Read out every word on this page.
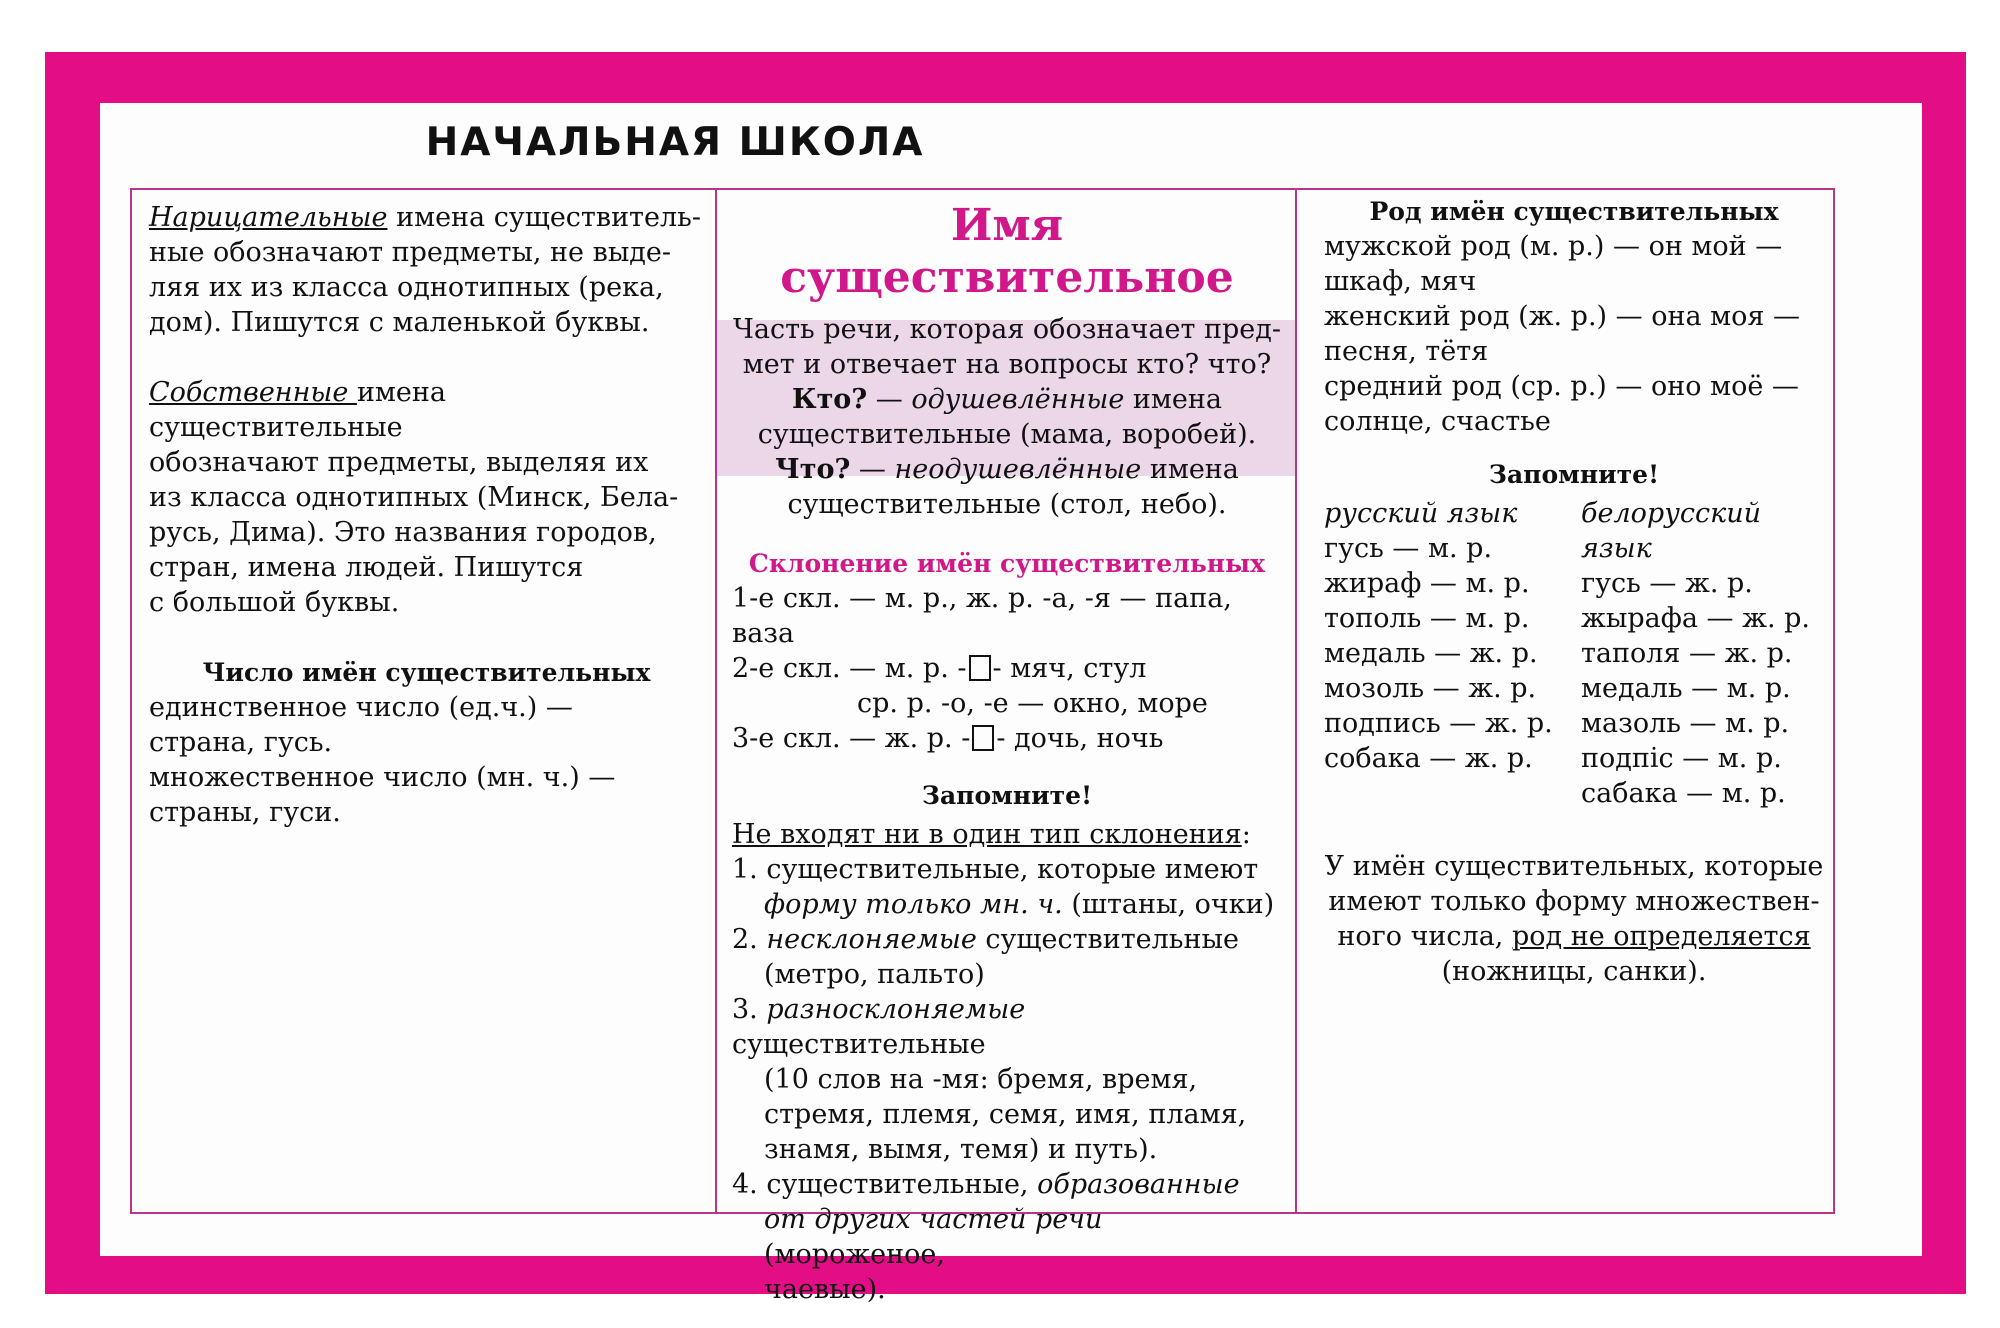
НАЧАЛЬНАЯ ШКОЛА

Нарицательные имена существитель-

ные обозначают предметы, не выде-

ляя их из класса однотипных (река,

дом). Пишутся с маленькой буквы.

Собственные имена существительные

обозначают предметы, выделяя их

из класса однотипных (Минск, Бела-

русь, Дима). Это названия городов,

стран, имена людей. Пишутся

с большой буквы.

Число имён существительных

единственное число (ед.ч.) —

страна, гусь.

множественное число (мн. ч.) —

страны, гуси.

Имя существительное

Часть речи, которая обозначает пред-

мет и отвечает на вопросы кто? что?

Кто? — одушевлённые имена

существительные (мама, воробей).

Что? — неодушевлённые имена

существительные (стол, небо).

Склонение имён существительных

1-е скл. — м. р., ж. р. -а, -я — папа, ваза

2-е скл. — м. р. - - мяч, стул

ср. р. -о, -е — окно, море

3-е скл. — ж. р. - - дочь, ночь

Запомните!

Не входят ни в один тип склонения:

1. существительные, которые имеют

форму только мн. ч. (штаны, очки)

2. несклоняемые существительные

(метро, пальто)

3. разносклоняемые существительные

(10 слов на -мя: бремя, время,

стремя, племя, семя, имя, пламя,

знамя, вымя, темя) и путь).

4. существительные, образованные

от других частей речи (мороженое,

чаевые).

Род имён существительных

мужской род (м. р.) — он мой —

шкаф, мяч

женский род (ж. р.) — она моя —

песня, тётя

средний род (ср. р.) — оно моё —

солнце, счастье

Запомните!

русский язык

гусь — м. р.

жираф — м. р.

тополь — м. р.

медаль — ж. р.

мозоль — ж. р.

подпись — ж. р.

собака — ж. р.

белорусский язык

гусь — ж. р.

жырафа — ж. р.

таполя — ж. р.

медаль — м. р.

мазоль — м. р.

подпіс — м. р.

сабака — м. р.

У имён существительных, которые

имеют только форму множествен-

ного числа, род не определяется

(ножницы, санки).
